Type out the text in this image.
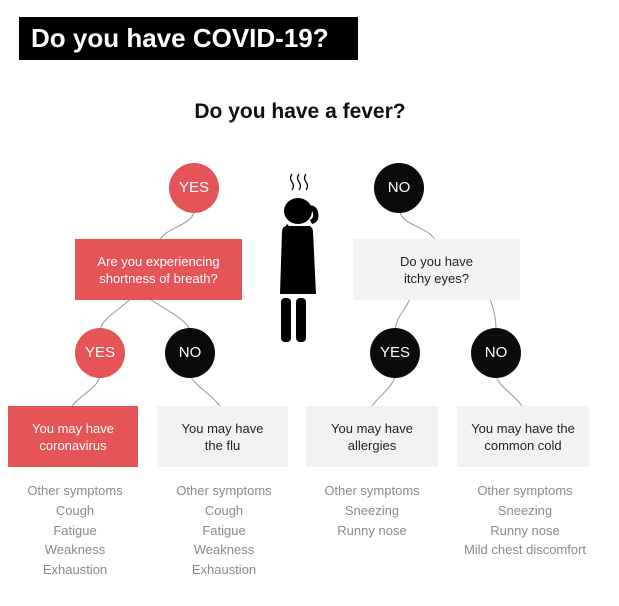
Do you have COVID-19?
Do you have a fever?
YES	NO
Are you experiencing
shortness of breath?
Do you have
itchy eyes?
YES	NO	YES	NO
You may have
coronavirus
You may have
the flu
You may have
allergies
You may have the
common cold
Other symptoms
Cough
Fatigue
Weakness
Exhaustion
Other symptoms
Cough
Fatigue
Weakness
Exhaustion
Other symptoms
Sneezing
Runny nose
Other symptoms
Sneezing
Runny nose
Mild chest discomfort
